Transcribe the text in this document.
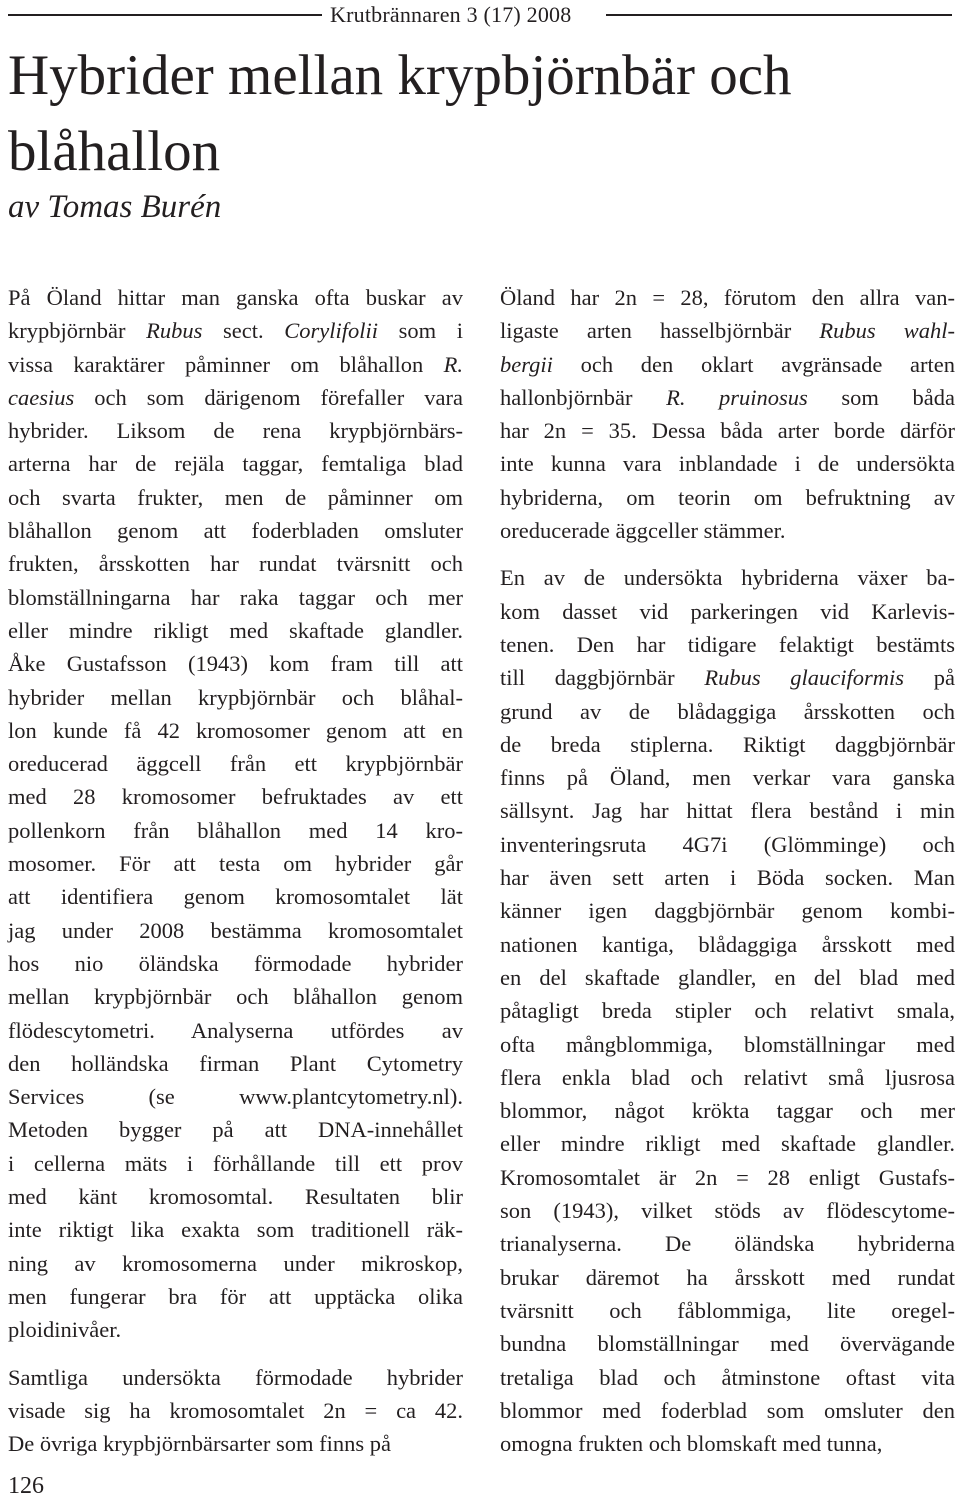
Krutbrännaren 3 (17) 2008
Hybrider mellan krypbjörnbär och blåhallon
av Tomas Burén

På Öland hittar man ganska ofta buskar av
krypbjörnbär Rubus sect. Corylifolii som i
vissa karaktärer påminner om blåhallon R.
caesius och som därigenom förefaller vara
hybrider. Liksom de rena krypbjörnbärs-
arterna har de rejäla taggar, femtaliga blad
och svarta frukter, men de påminner om
blåhallon genom att foderbladen omsluter
frukten, årsskotten har rundat tvärsnitt och
blomställningarna har raka taggar och mer
eller mindre rikligt med skaftade glandler.
Åke Gustafsson (1943) kom fram till att
hybrider mellan krypbjörnbär och blåhal-
lon kunde få 42 kromosomer genom att en
oreducerad äggcell från ett krypbjörnbär
med 28 kromosomer befruktades av ett
pollenkorn från blåhallon med 14 kro-
mosomer. För att testa om hybrider går
att identifiera genom kromosomtalet lät
jag under 2008 bestämma kromosomtalet
hos nio öländska förmodade hybrider
mellan krypbjörnbär och blåhallon genom
flödescytometri. Analyserna utfördes av
den holländska firman Plant Cytometry
Services (se www.plantcytometry.nl).
Metoden bygger på att DNA-innehållet
i cellerna mäts i förhållande till ett prov
med känt kromosomtal. Resultaten blir
inte riktigt lika exakta som traditionell räk-
ning av kromosomerna under mikroskop,
men fungerar bra för att upptäcka olika
ploidinivåer.

Samtliga undersökta förmodade hybrider
visade sig ha kromosomtalet 2n = ca 42.
De övriga krypbjörnbärsarter som finns på

Öland har 2n = 28, förutom den allra van-
ligaste arten hasselbjörnbär Rubus wahl-
bergii och den oklart avgränsade arten
hallonbjörnbär R. pruinosus som båda
har 2n = 35. Dessa båda arter borde därför
inte kunna vara inblandade i de undersökta
hybriderna, om teorin om befruktning av
oreducerade äggceller stämmer.

En av de undersökta hybriderna växer ba-
kom dasset vid parkeringen vid Karlevis-
tenen. Den har tidigare felaktigt bestämts
till daggbjörnbär Rubus glauciformis på
grund av de blådaggiga årsskotten och
de breda stiplerna. Riktigt daggbjörnbär
finns på Öland, men verkar vara ganska
sällsynt. Jag har hittat flera bestånd i min
inventeringsruta 4G7i (Glömminge) och
har även sett arten i Böda socken. Man
känner igen daggbjörnbär genom kombi-
nationen kantiga, blådaggiga årsskott med
en del skaftade glandler, en del blad med
påtagligt breda stipler och relativt smala,
ofta mångblommiga, blomställningar med
flera enkla blad och relativt små ljusrosa
blommor, något krökta taggar och mer
eller mindre rikligt med skaftade glandler.
Kromosomtalet är 2n = 28 enligt Gustafs-
son (1943), vilket stöds av flödescytome-
trianalyserna. De öländska hybriderna
brukar däremot ha årsskott med rundat
tvärsnitt och fåblommiga, lite oregel-
bundna blomställningar med övervägande
tretaliga blad och åtminstone oftast vita
blommor med foderblad som omsluter den
omogna frukten och blomskaft med tunna,

126
